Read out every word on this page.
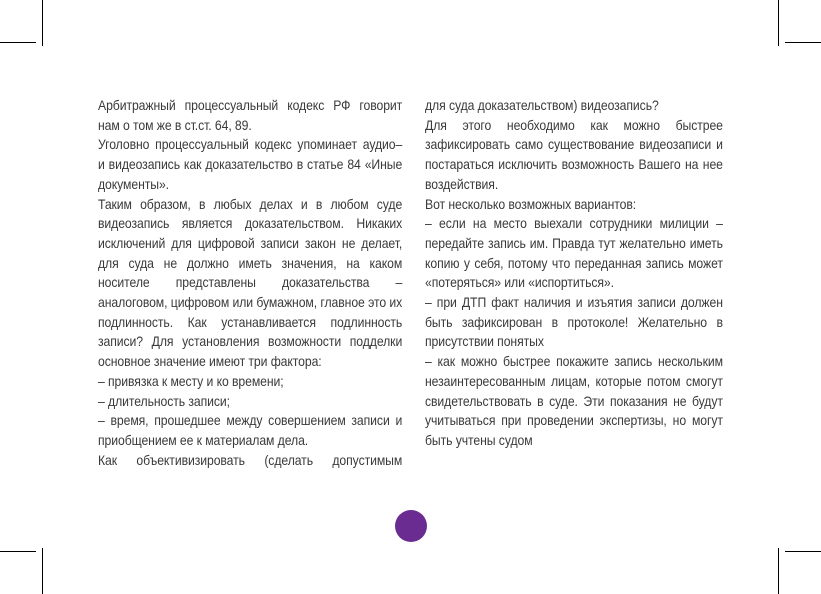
Арбитражный процессуальный кодекс РФ говорит нам о том же в ст.ст. 64, 89.

Уголовно процессуальный кодекс упоминает аудио– и видеозапись как доказательство в статье 84 «Иные документы».

Таким образом, в любых делах и в любом суде видеозапись является доказательством. Никаких исключений для цифровой записи закон не делает, для суда не должно иметь значения, на каком носителе представлены доказательства – аналоговом, цифровом или бумажном, главное это их подлинность. Как устанавливается подлинность записи? Для установления возможности подделки основное значение имеют три фактора:

– привязка к месту и ко времени;

– длительность записи;

– время, прошедшее между совершением записи и приобщением ее к материалам дела.

Как объективизировать (сделать допустимым

для суда доказательством) видеозапись?

Для этого необходимо как можно быстрее зафиксировать само существование видеозаписи и постараться исключить возможность Вашего на нее воздействия.

Вот несколько возможных вариантов:

– если на место выехали сотрудники милиции – передайте запись им. Правда тут желательно иметь копию у себя, потому что переданная запись может «потеряться» или «испортиться».

– при ДТП факт наличия и изъятия записи должен быть зафиксирован в протоколе! Желательно в присутствии понятых

– как можно быстрее покажите запись нескольким незаинтересованным лицам, которые потом смогут свидетельствовать в суде. Эти показания не будут учитываться при проведении экспертизы, но могут быть учтены судом
